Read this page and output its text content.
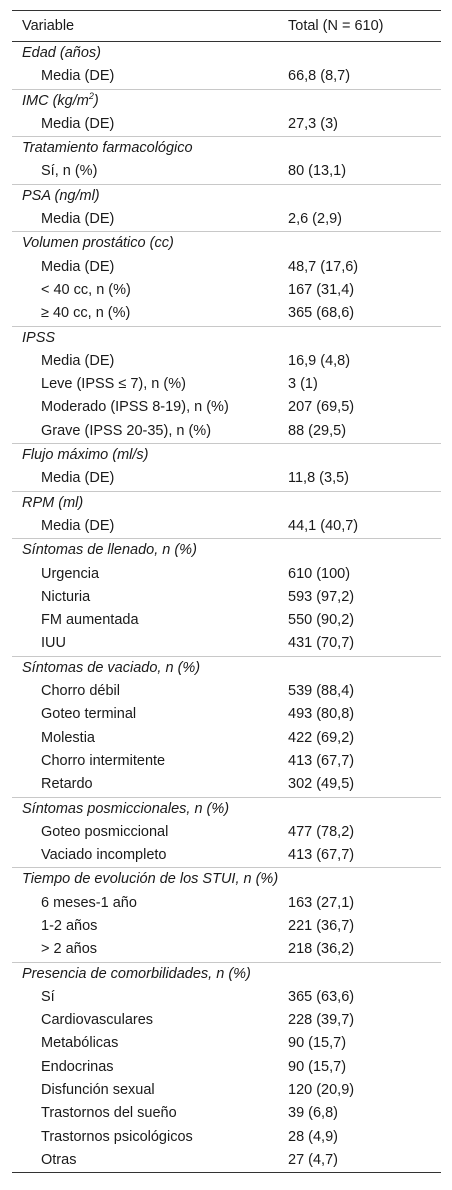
Variable	Total (N = 610)
Edad (años)
Media (DE)	66,8 (8,7)
IMC $(kg/m^2)$
Media (DE)	27,3 (3)
Tratamiento farmacológico
Sí, n (%)	80 (13,1)
PSA (ng/ml)
Media (DE)	2,6 (2,9)
Volumen prostático (cc)
Media (DE)	48,7 (17,6)
< 40 cc, n (%)	167 (31,4)
≥ 40 cc, n (%)	365 (68,6)
IPSS
Media (DE)	16,9 (4,8)
Leve (IPSS ≤ 7), n (%)	3 (1)
Moderado (IPSS 8-19), n (%)	207 (69,5)
Grave (IPSS 20-35), n (%)	88 (29,5)
Flujo máximo (ml/s)
Media (DE)	11,8 (3,5)
RPM (ml)
Media (DE)	44,1 (40,7)
Síntomas de llenado, n (%)
Urgencia	610 (100)
Nicturia	593 (97,2)
FM aumentada	550 (90,2)
IUU	431 (70,7)
Síntomas de vaciado, n (%)
Chorro débil	539 (88,4)
Goteo terminal	493 (80,8)
Molestia	422 (69,2)
Chorro intermitente	413 (67,7)
Retardo	302 (49,5)
Síntomas posmiccionales, n (%)
Goteo posmiccional	477 (78,2)
Vaciado incompleto	413 (67,7)
Tiempo de evolución de los STUI, n (%)
6 meses-1 año	163 (27,1)
1-2 años	221 (36,7)
> 2 años	218 (36,2)
Presencia de comorbilidades, n (%)
Sí	365 (63,6)
Cardiovasculares	228 (39,7)
Metabólicas	90 (15,7)
Endocrinas	90 (15,7)
Disfunción sexual	120 (20,9)
Trastornos del sueño	39 (6,8)
Trastornos psicológicos	28 (4,9)
Otras	27 (4,7)
